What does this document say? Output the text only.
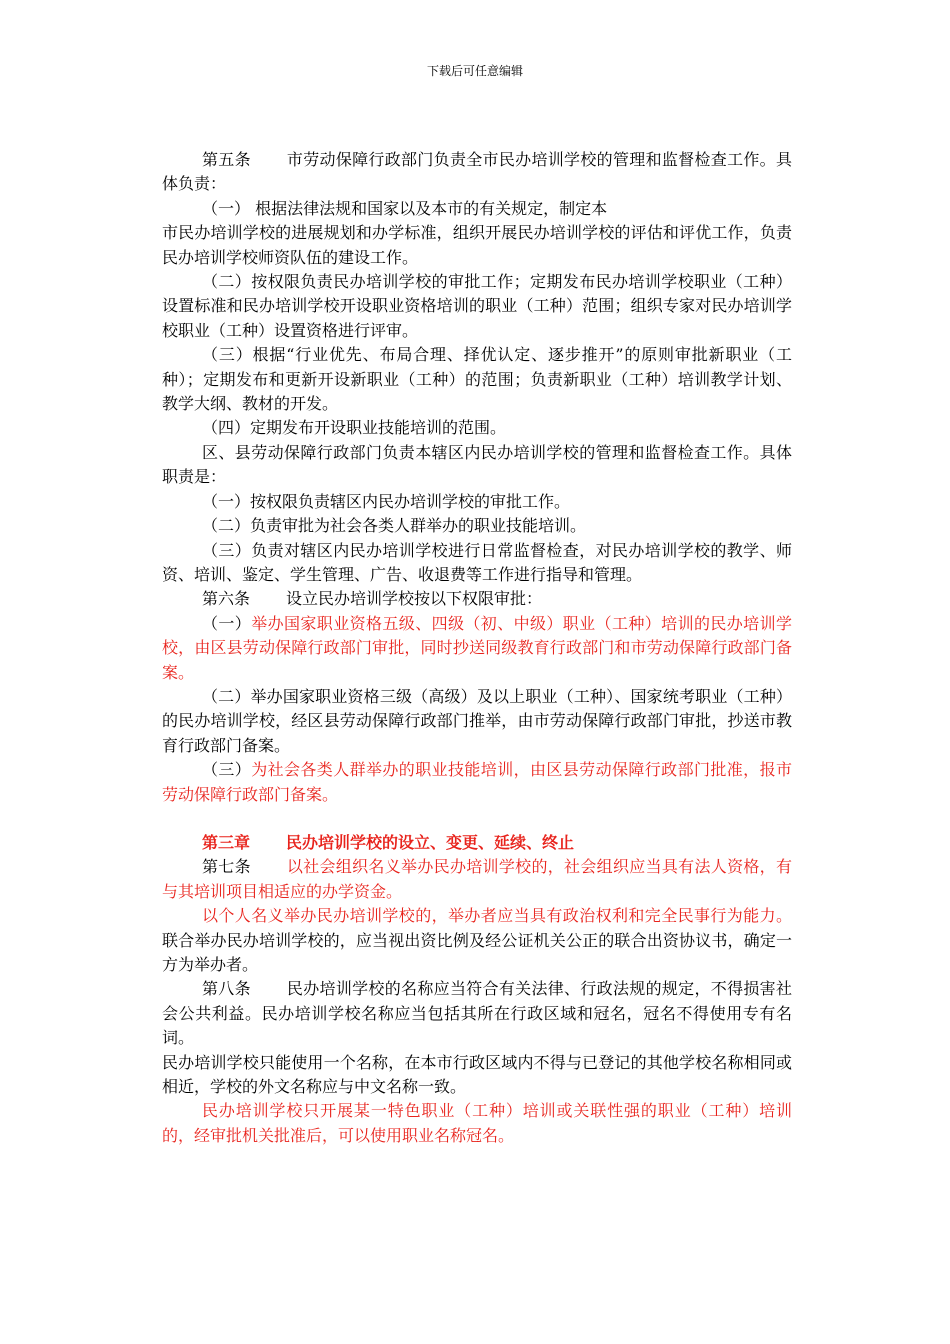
下载后可任意编辑

第五条 市劳动保障行政部门负责全市民办培训学校的管理和监督检查工作。具体负责：

（一） 根据法律法规和国家以及本市的有关规定，制定本

市民办培训学校的进展规划和办学标准，组织开展民办培训学校的评估和评优工作，负责民办培训学校师资队伍的建设工作。

（二）按权限负责民办培训学校的审批工作；定期发布民办培训学校职业（工种）设置标准和民办培训学校开设职业资格培训的职业（工种）范围；组织专家对民办培训学校职业（工种）设置资格进行评审。

（三）根据“行业优先、布局合理、择优认定、逐步推开”的原则审批新职业（工种）；定期发布和更新开设新职业（工种）的范围；负责新职业（工种）培训教学计划、教学大纲、教材的开发。

（四）定期发布开设职业技能培训的范围。

区、县劳动保障行政部门负责本辖区内民办培训学校的管理和监督检查工作。具体职责是：

（一）按权限负责辖区内民办培训学校的审批工作。

（二）负责审批为社会各类人群举办的职业技能培训。

（三）负责对辖区内民办培训学校进行日常监督检查，对民办培训学校的教学、师资、培训、鉴定、学生管理、广告、收退费等工作进行指导和管理。

第六条 设立民办培训学校按以下权限审批：

（一）举办国家职业资格五级、四级（初、中级）职业（工种）培训的民办培训学校，由区县劳动保障行政部门审批，同时抄送同级教育行政部门和市劳动保障行政部门备案。

（二）举办国家职业资格三级（高级）及以上职业（工种）、国家统考职业（工种）的民办培训学校，经区县劳动保障行政部门推举，由市劳动保障行政部门审批，抄送市教育行政部门备案。

（三）为社会各类人群举办的职业技能培训，由区县劳动保障行政部门批准，报市劳动保障行政部门备案。

第三章 民办培训学校的设立、变更、延续、终止

第七条 以社会组织名义举办民办培训学校的，社会组织应当具有法人资格，有与其培训项目相适应的办学资金。

以个人名义举办民办培训学校的，举办者应当具有政治权利和完全民事行为能力。联合举办民办培训学校的，应当视出资比例及经公证机关公正的联合出资协议书，确定一方为举办者。

第八条 民办培训学校的名称应当符合有关法律、行政法规的规定，不得损害社会公共利益。民办培训学校名称应当包括其所在行政区域和冠名，冠名不得使用专有名词。

民办培训学校只能使用一个名称，在本市行政区域内不得与已登记的其他学校名称相同或相近，学校的外文名称应与中文名称一致。

民办培训学校只开展某一特色职业（工种）培训或关联性强的职业（工种）培训的，经审批机关批准后，可以使用职业名称冠名。
